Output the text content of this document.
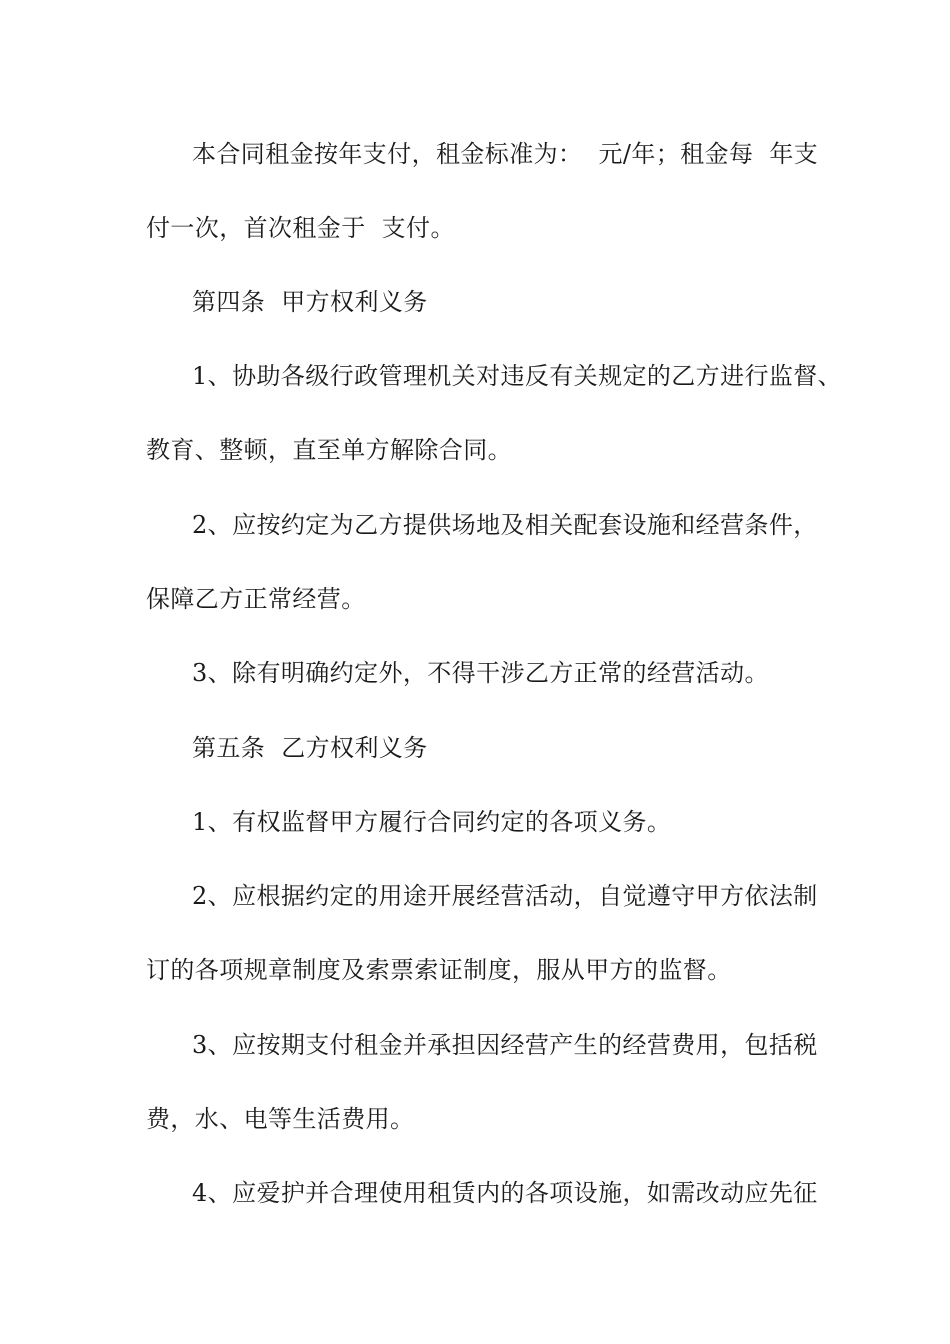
本合同租金按年支付，租金标准为：  元/年；租金每  年支
付一次，首次租金于  支付。
第四条  甲方权利义务
1、协助各级行政管理机关对违反有关规定的乙方进行监督、
教育、整顿，直至单方解除合同。
2、应按约定为乙方提供场地及相关配套设施和经营条件，
保障乙方正常经营。
3、除有明确约定外，不得干涉乙方正常的经营活动。
第五条  乙方权利义务
1、有权监督甲方履行合同约定的各项义务。
2、应根据约定的用途开展经营活动，自觉遵守甲方依法制
订的各项规章制度及索票索证制度，服从甲方的监督。
3、应按期支付租金并承担因经营产生的经营费用，包括税
费，水、电等生活费用。
4、应爱护并合理使用租赁内的各项设施，如需改动应先征
